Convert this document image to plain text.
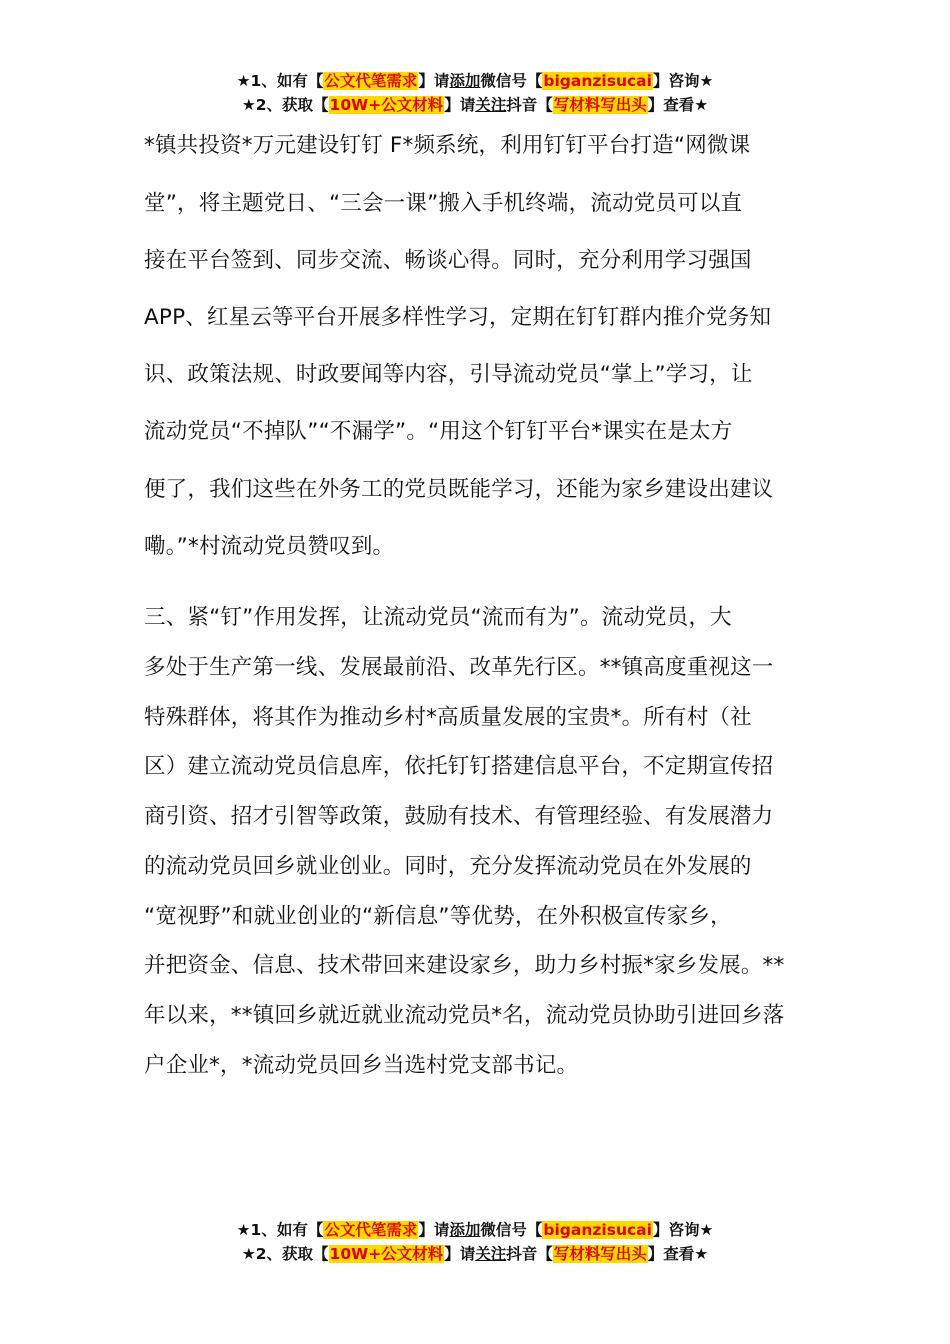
★1、如有【公文代笔需求】请添加微信号【biganzisucai】咨询★
★2、获取【10W+公文材料】请关注抖音【写材料写出头】查看★
*镇共投资*万元建设钉钉 F*频系统，利用钉钉平台打造“网微课
堂”，将主题党日、“三会一课”搬入手机终端，流动党员可以直
接在平台签到、同步交流、畅谈心得。同时，充分利用学习强国
APP、红星云等平台开展多样性学习，定期在钉钉群内推介党务知
识、政策法规、时政要闻等内容，引导流动党员“掌上”学习，让
流动党员“不掉队”“不漏学”。“用这个钉钉平台*课实在是太方
便了，我们这些在外务工的党员既能学习，还能为家乡建设出建议
嘞。”*村流动党员赞叹到。
三、紧“钉”作用发挥，让流动党员“流而有为”。流动党员，大
多处于生产第一线、发展最前沿、改革先行区。**镇高度重视这一
特殊群体，将其作为推动乡村*高质量发展的宝贵*。所有村（社
区）建立流动党员信息库，依托钉钉搭建信息平台，不定期宣传招
商引资、招才引智等政策，鼓励有技术、有管理经验、有发展潜力
的流动党员回乡就业创业。同时，充分发挥流动党员在外发展的
“宽视野”和就业创业的“新信息”等优势，在外积极宣传家乡，
并把资金、信息、技术带回来建设家乡，助力乡村振*家乡发展。**
年以来，**镇回乡就近就业流动党员*名，流动党员协助引进回乡落
户企业*，*流动党员回乡当选村党支部书记。
★1、如有【公文代笔需求】请添加微信号【biganzisucai】咨询★
★2、获取【10W+公文材料】请关注抖音【写材料写出头】查看★
